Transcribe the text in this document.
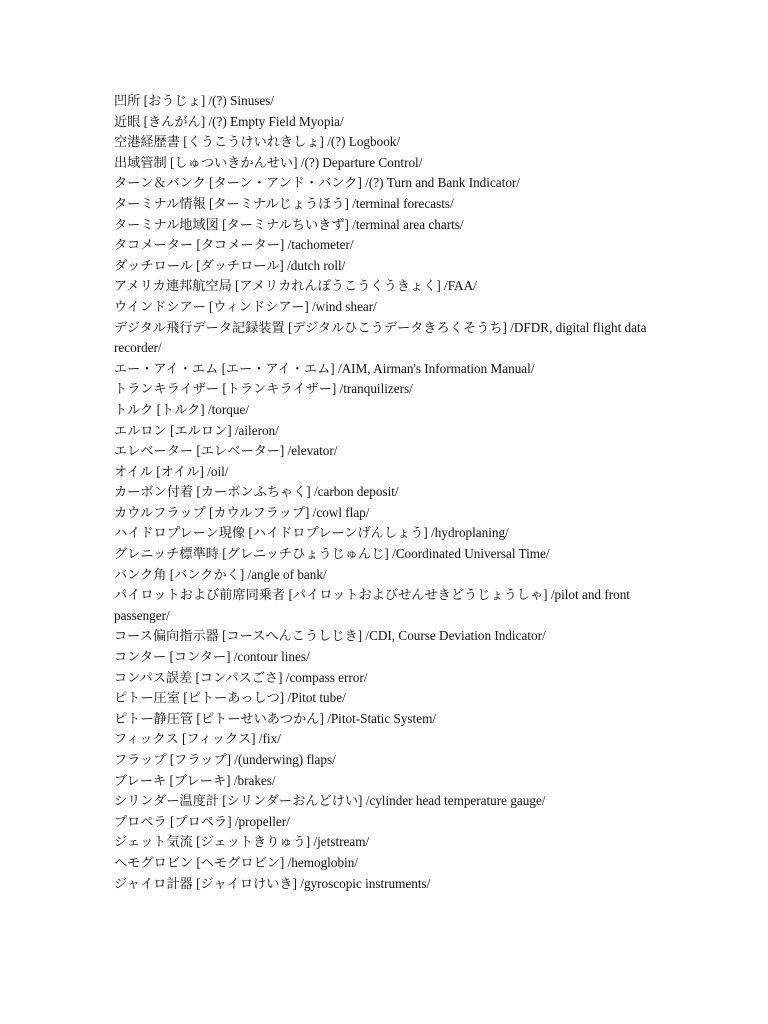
凹所 [おうじょ] /(?) Sinuses/
近眼 [きんがん] /(?) Empty Field Myopia/
空港経歴書 [くうこうけいれきしょ] /(?) Logbook/
出域管制 [しゅついきかんせい] /(?) Departure Control/
ターン＆バンク [ターン・アンド・バンク] /(?) Turn and Bank Indicator/
ターミナル情報 [ターミナルじょうほう] /terminal forecasts/
ターミナル地域図 [ターミナルちいきず] /terminal area charts/
タコメーター [タコメーター] /tachometer/
ダッチロール [ダッチロール] /dutch roll/
アメリカ連邦航空局 [アメリカれんぽうこうくうきょく] /FAA/
ウインドシアー [ウィンドシアー] /wind shear/
デジタル飛行データ記録装置 [デジタルひこうデータきろくそうち] /DFDR, digital flight data recorder/
エー・アイ・エム [エー・アイ・エム] /AIM, Airman's Information Manual/
トランキライザー [トランキライザー] /tranquilizers/
トルク [トルク] /torque/
エルロン [エルロン] /aileron/
エレベーター [エレベーター] /elevator/
オイル [オイル] /oil/
カーボン付着 [カーボンふちゃく] /carbon deposit/
カウルフラップ [カウルフラップ] /cowl flap/
ハイドロプレーン現像 [ハイドロプレーンげんしょう] /hydroplaning/
グレニッチ標準時 [グレニッチひょうじゅんじ] /Coordinated Universal Time/
バンク角 [バンクかく] /angle of bank/
パイロットおよび前席同乗者 [パイロットおよびせんせきどうじょうしゃ] /pilot and front passenger/
コース偏向指示器 [コースへんこうしじき] /CDI, Course Deviation Indicator/
コンター [コンター] /contour lines/
コンパス誤差 [コンパスごさ] /compass error/
ピトー圧室 [ピトーあっしつ] /Pitot tube/
ピトー静圧管 [ピトーせいあつかん] /Pitot-Static System/
フィックス [フィックス] /fix/
フラップ [フラップ] /(underwing) flaps/
ブレーキ [ブレーキ] /brakes/
シリンダー温度計 [シリンダーおんどけい] /cylinder head temperature gauge/
プロペラ [プロペラ] /propeller/
ジェット気流 [ジェットきりゅう] /jetstream/
ヘモグロビン [ヘモグロビン] /hemoglobin/
ジャイロ計器 [ジャイロけいき] /gyroscopic instruments/
